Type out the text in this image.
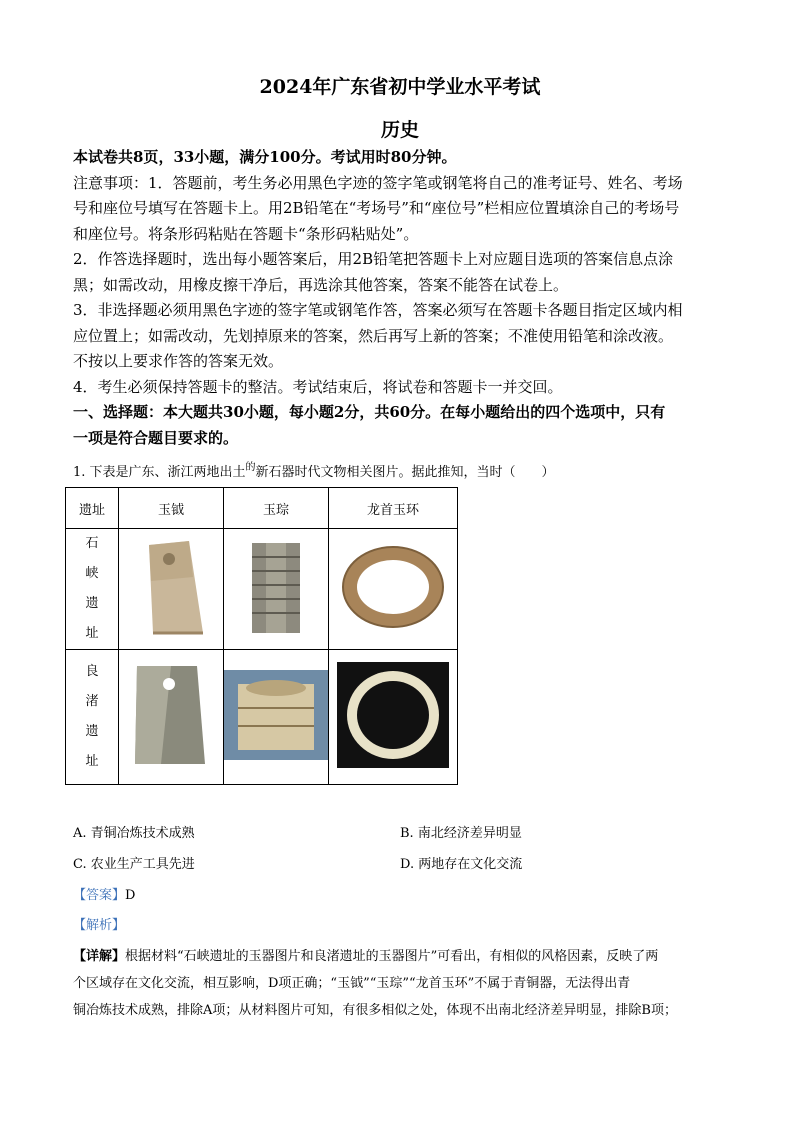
2024年广东省初中学业水平考试
历史
本试卷共8页，33小题，满分100分。考试用时80分钟。
注意事项：1．答题前，考生务必用黑色字迹的签字笔或钢笔将自己的准考证号、姓名、考场
号和座位号填写在答题卡上。用2B铅笔在“考场号”和“座位号”栏相应位置填涂自己的考场号
和座位号。将条形码粘贴在答题卡“条形码粘贴处”。
2．作答选择题时，选出每小题答案后，用2B铅笔把答题卡上对应题目选项的答案信息点涂
黑；如需改动，用橡皮擦干净后，再选涂其他答案，答案不能答在试卷上。
3．非选择题必须用黑色字迹的签字笔或钢笔作答，答案必须写在答题卡各题目指定区域内相
应位置上；如需改动，先划掉原来的答案，然后再写上新的答案；不准使用铅笔和涂改液。
不按以上要求作答的答案无效。
4．考生必须保持答题卡的整洁。考试结束后，将试卷和答题卡一并交回。
一、选择题：本大题共30小题，每小题2分，共60分。在每小题给出的四个选项中，只有
一项是符合题目要求的。
1. 下表是广东、浙江两地出土$^的$新石器时代文物相关图片。据此推知，当时（　　）
遗址	玉钺	玉琮	龙首玉环
石峡遗址			
良渚遗址			
A. 青铜冶炼技术成熟	B. 南北经济差异明显
C. 农业生产工具先进	D. 两地存在文化交流
【答案】D
【解析】
【详解】根据材料“石峡遗址的玉器图片和良渚遗址的玉器图片”可看出，有相似的风格因素，反映了两
个区域存在文化交流，相互影响，D项正确；“玉钺”“玉琮”“龙首玉环”不属于青铜器，无法得出青
铜冶炼技术成熟，排除A项；从材料图片可知，有很多相似之处，体现不出南北经济差异明显，排除B项；
